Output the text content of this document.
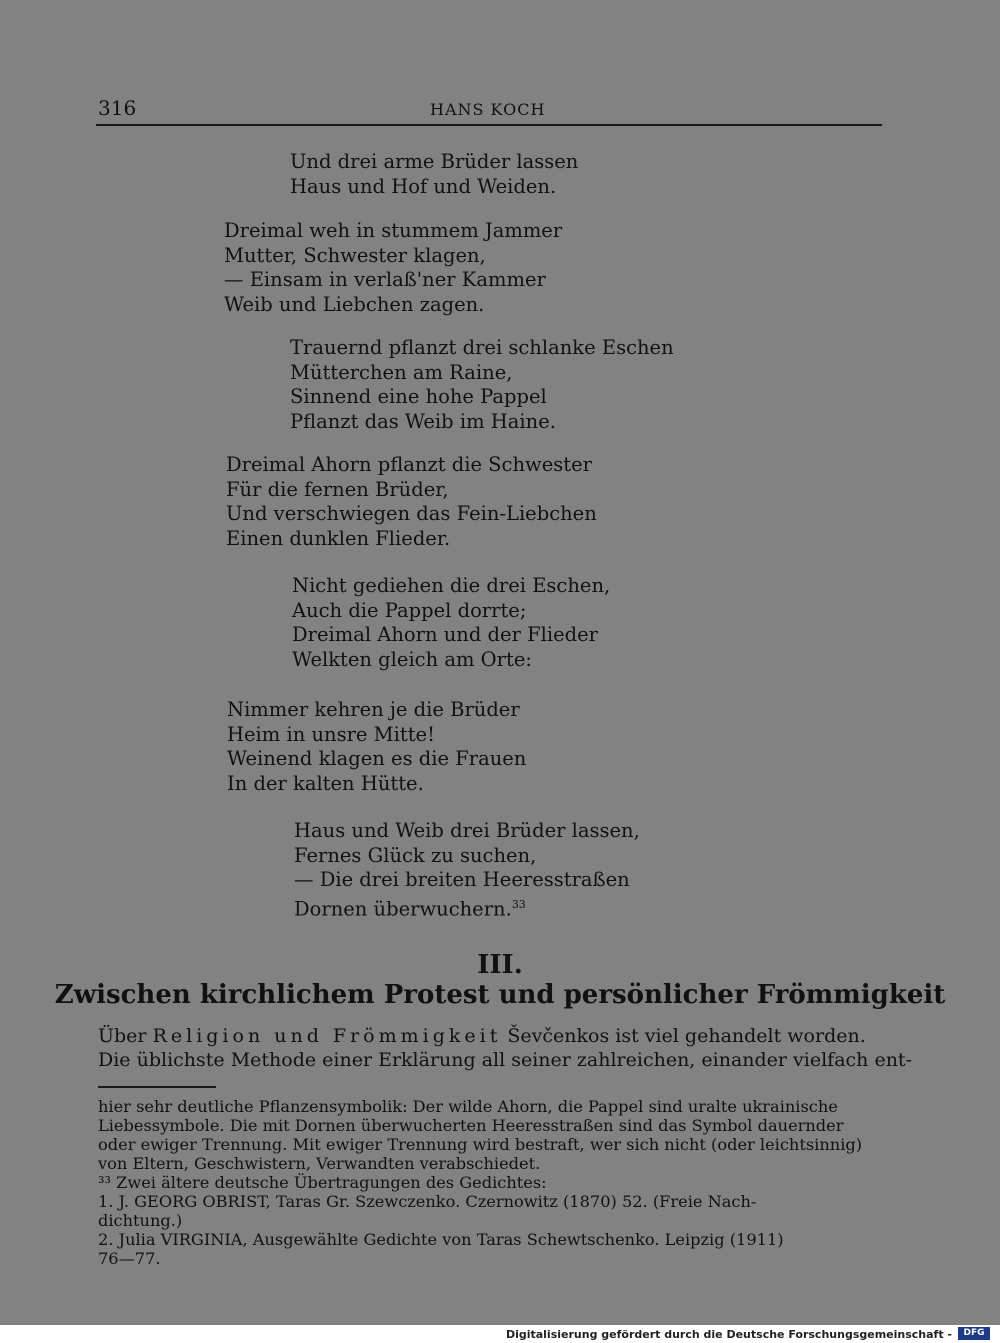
316	HANS KOCH
Und drei arme Brüder lassen
Haus und Hof und Weiden.
Dreimal weh in stummem Jammer
Mutter, Schwester klagen,
— Einsam in verlaß'ner Kammer
Weib und Liebchen zagen.
Trauernd pflanzt drei schlanke Eschen
Mütterchen am Raine,
Sinnend eine hohe Pappel
Pflanzt das Weib im Haine.
Dreimal Ahorn pflanzt die Schwester
Für die fernen Brüder,
Und verschwiegen das Fein-Liebchen
Einen dunklen Flieder.
Nicht gediehen die drei Eschen,
Auch die Pappel dorrte;
Dreimal Ahorn und der Flieder
Welkten gleich am Orte:
Nimmer kehren je die Brüder
Heim in unsre Mitte!
Weinend klagen es die Frauen
In der kalten Hütte.
Haus und Weib drei Brüder lassen,
Fernes Glück zu suchen,
— Die drei breiten Heeresstraßen
Dornen überwuchern.$^{33}$
III.
Zwischen kirchlichem Protest und persönlicher Frömmigkeit
Über Religion und Frömmigkeit Ševčenkos ist viel gehandelt worden.
Die üblichste Methode einer Erklärung all seiner zahlreichen, einander vielfach ent-
hier sehr deutliche Pflanzensymbolik: Der wilde Ahorn, die Pappel sind uralte ukrainische
Liebessymbole. Die mit Dornen überwucherten Heeresstraßen sind das Symbol dauernder
oder ewiger Trennung. Mit ewiger Trennung wird bestraft, wer sich nicht (oder leichtsinnig)
von Eltern, Geschwistern, Verwandten verabschiedet.
³³ Zwei ältere deutsche Übertragungen des Gedichtes:
1. J. GEORG OBRIST, Taras Gr. Szewczenko. Czernowitz (1870) 52. (Freie Nach-
dichtung.)
2. Julia VIRGINIA, Ausgewählte Gedichte von Taras Schewtschenko. Leipzig (1911)
76—77.
Digitalisierung gefördert durch die Deutsche Forschungsgemeinschaft -	DFG
